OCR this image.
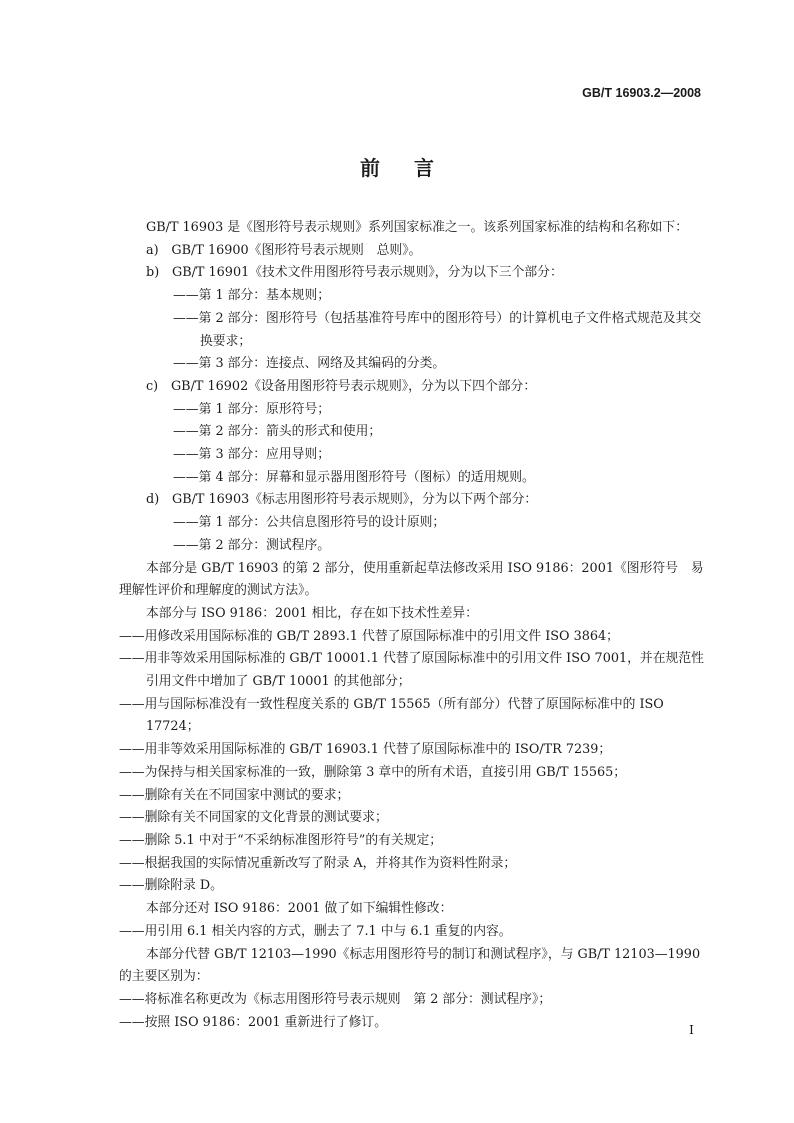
GB/T 16903.2—2008
前言

GB/T 16903 是《图形符号表示规则》系列国家标准之一。该系列国家标准的结构和名称如下：

a)　GB/T 16900《图形符号表示规则　总则》。

b)　GB/T 16901《技术文件用图形符号表示规则》，分为以下三个部分：

——第 1 部分：基本规则；

——第 2 部分：图形符号（包括基准符号库中的图形符号）的计算机电子文件格式规范及其交换要求；

——第 3 部分：连接点、网络及其编码的分类。

c)　GB/T 16902《设备用图形符号表示规则》，分为以下四个部分：

——第 1 部分：原形符号；

——第 2 部分：箭头的形式和使用；

——第 3 部分：应用导则；

——第 4 部分：屏幕和显示器用图形符号（图标）的适用规则。

d)　GB/T 16903《标志用图形符号表示规则》，分为以下两个部分：

——第 1 部分：公共信息图形符号的设计原则；

——第 2 部分：测试程序。

本部分是 GB/T 16903 的第 2 部分，使用重新起草法修改采用 ISO 9186：2001《图形符号　易理解性评价和理解度的测试方法》。

本部分与 ISO 9186：2001 相比，存在如下技术性差异：

——用修改采用国际标准的 GB/T 2893.1 代替了原国际标准中的引用文件 ISO 3864；

——用非等效采用国际标准的 GB/T 10001.1 代替了原国际标准中的引用文件 ISO 7001，并在规范性引用文件中增加了 GB/T 10001 的其他部分；

——用与国际标准没有一致性程度关系的 GB/T 15565（所有部分）代替了原国际标准中的 ISO 17724；

——用非等效采用国际标准的 GB/T 16903.1 代替了原国际标准中的 ISO/TR 7239；

——为保持与相关国家标准的一致，删除第 3 章中的所有术语，直接引用 GB/T 15565；

——删除有关在不同国家中测试的要求；

——删除有关不同国家的文化背景的测试要求；

——删除 5.1 中对于“不采纳标准图形符号”的有关规定；

——根据我国的实际情况重新改写了附录 A，并将其作为资料性附录；

——删除附录 D。

本部分还对 ISO 9186：2001 做了如下编辑性修改：

——用引用 6.1 相关内容的方式，删去了 7.1 中与 6.1 重复的内容。

本部分代替 GB/T 12103—1990《标志用图形符号的制订和测试程序》，与 GB/T 12103—1990 的主要区别为：

——将标准名称更改为《标志用图形符号表示规则　第 2 部分：测试程序》；

——按照 ISO 9186：2001 重新进行了修订。	I
